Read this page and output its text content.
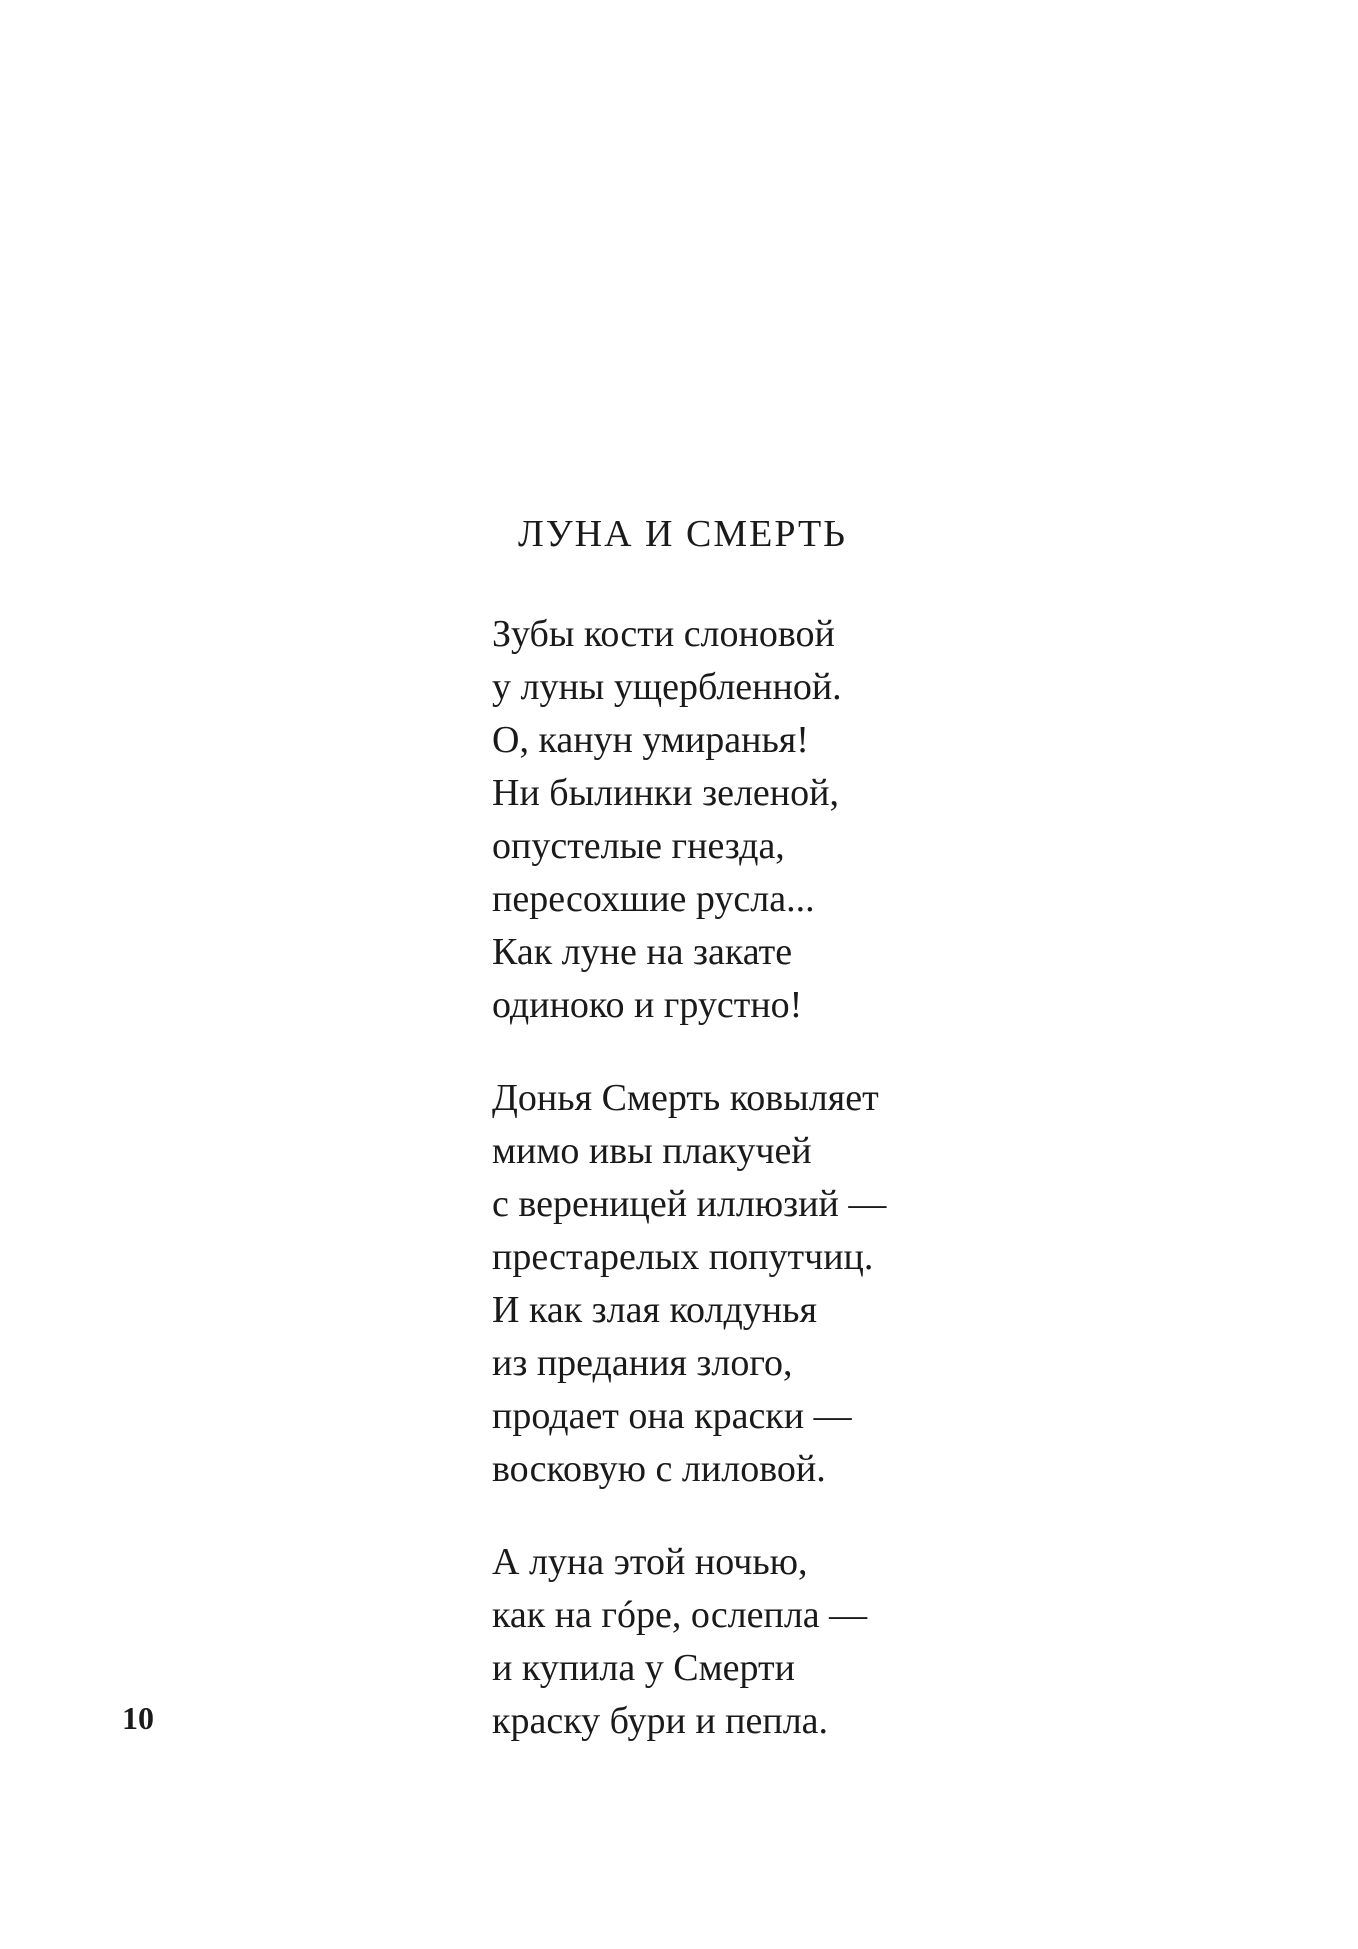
ЛУНА И СМЕРТЬ
Зубы кости слоновой
у луны ущербленной.
О, канун умиранья!
Ни былинки зеленой,
опустелые гнезда,
пересохшие русла...
Как луне на закате
одиноко и грустно!
Донья Смерть ковыляет
мимо ивы плакучей
с вереницей иллюзий —
престарелых попутчиц.
И как злая колдунья
из предания злого,
продает она краски —
восковую с лиловой.
А луна этой ночью,
как на гóре, ослепла —
и купила у Смерти
краску бури и пепла.
10
